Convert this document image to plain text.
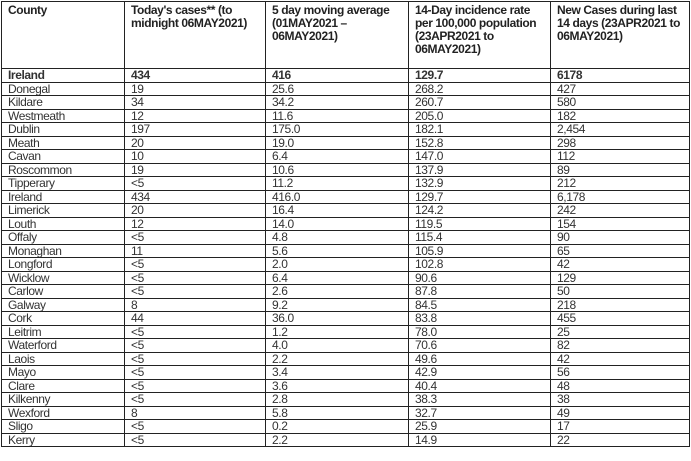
County	Today's cases** (to midnight 06MAY2021)	5 day moving average (01MAY2021 – 06MAY2021)	14-Day incidence rate per 100,000 population (23APR2021 to 06MAY2021)	New Cases during last 14 days (23APR2021 to 06MAY2021)
Ireland	434	416	129.7	6178
Donegal	19	25.6	268.2	427
Kildare	34	34.2	260.7	580
Westmeath	12	11.6	205.0	182
Dublin	197	175.0	182.1	2,454
Meath	20	19.0	152.8	298
Cavan	10	6.4	147.0	112
Roscommon	19	10.6	137.9	89
Tipperary	<5	11.2	132.9	212
Ireland	434	416.0	129.7	6,178
Limerick	20	16.4	124.2	242
Louth	12	14.0	119.5	154
Offaly	<5	4.8	115.4	90
Monaghan	11	5.6	105.9	65
Longford	<5	2.0	102.8	42
Wicklow	<5	6.4	90.6	129
Carlow	<5	2.6	87.8	50
Galway	8	9.2	84.5	218
Cork	44	36.0	83.8	455
Leitrim	<5	1.2	78.0	25
Waterford	<5	4.0	70.6	82
Laois	<5	2.2	49.6	42
Mayo	<5	3.4	42.9	56
Clare	<5	3.6	40.4	48
Kilkenny	<5	2.8	38.3	38
Wexford	8	5.8	32.7	49
Sligo	<5	0.2	25.9	17
Kerry	<5	2.2	14.9	22
